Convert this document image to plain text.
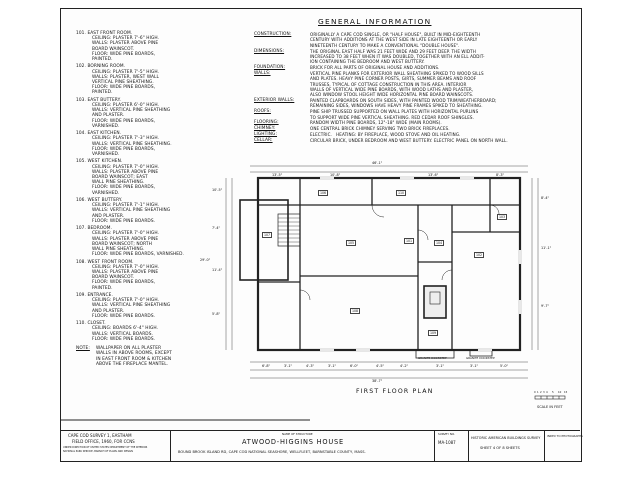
101. EAST FRONT ROOM.
CEILING: PLASTER 7'-6" HIGH.
WALLS: PLASTER ABOVE PINE
BOARD WAINSCOT.
FLOOR: WIDE PINE BOARDS,
PAINTED.
102. BORNING ROOM.
CEILING: PLASTER 7'-5" HIGH.
WALLS: PLASTER, WEST WALL
VERTICAL PINE SHEATHING.
FLOOR: WIDE PINE BOARDS,
PAINTED.
103. EAST BUTTERY.
CEILING: PLASTER 6'-0" HIGH.
WALLS: VERTICAL PINE SHEATHING
AND PLASTER.
FLOOR: WIDE PINE BOARDS,
VARNISHED.
104. EAST KITCHEN.
CEILING: PLASTER 7'-3" HIGH.
WALLS: VERTICAL PINE SHEATHING.
FLOOR: WIDE PINE BOARDS,
VARNISHED.
105. WEST KITCHEN.
CEILING: PLASTER 7'-0" HIGH.
WALLS: PLASTER ABOVE PINE
BOARD WAINSCOT; EAST
WALL PINE SHEATHING.
FLOOR: WIDE PINE BOARDS,
VARNISHED.
106. WEST BUTTERY.
CEILING: PLASTER 7'-1" HIGH.
WALLS: VERTICAL PINE SHEATHING
AND PLASTER.
FLOOR: WIDE PINE BOARDS.
107. BEDROOM.
CEILING: PLASTER 7'-0" HIGH.
WALLS: PLASTER ABOVE PINE
BOARD WAINSCOT; NORTH
WALL PINE SHEATHING.
FLOOR: WIDE PINE BOARDS, VARNISHED.
108. WEST FRONT ROOM.
CEILING: PLASTER 7'-0" HIGH.
WALLS: PLASTER ABOVE PINE
BOARD WAINSCOT.
FLOOR: WIDE PINE BOARDS,
PAINTED.
109. ENTRANCE.
CEILING: PLASTER 7'-0" HIGH.
WALLS: VERTICAL PINE SHEATHING
AND PLASTER.
FLOOR: WIDE PINE BOARDS.
110. CLOSET.
CEILING: BOARDS 6'-4" HIGH.
WALLS: VERTICAL BOARDS.
FLOOR: WIDE PINE BOARDS.
NOTE: WALLPAPER ON ALL PLASTER
WALLS IN ABOVE ROOMS, EXCEPT
IN EAST FRONT ROOM & KITCHEN
ABOVE THE FIREPLACE MANTEL.
GENERAL INFORMATION
CONSTRUCTION:	ORIGINALLY A CAPE COD SINGLE, OR "HALF HOUSE", BUILT IN MID-EIGHTEENTH
CENTURY WITH ADDITIONS AT THE WEST SIDE IN LATE EIGHTEENTH OR EARLY
NINETEENTH CENTURY TO MAKE A CONVENTIONAL "DOUBLE HOUSE".
DIMENSIONS:	THE ORIGINAL EAST HALF WAS 21 FEET WIDE AND 29 FEET DEEP. THE WIDTH
INCREASED TO 38 FEET WHEN IT WAS DOUBLED, TOGETHER WITH AN ELL ADDIT-
ION CONTAINING THE BEDROOM AND WEST BUTTERY.
FOUNDATION:	BRICK FOR ALL PARTS OF ORIGINAL HOUSE AND ADDITIONS.
WALLS:	VERTICAL PINE PLANKS FOR EXTERIOR WALL SHEATHING SPIKED TO WOOD SILLS
AND PLATES. HEAVY PINE CORNER POSTS, GIRTS, SUMMER BEAMS AND ROOF
TRUSSES, TYPICAL OF COTTAGE CONSTRUCTION IN THIS AREA. INTERIOR
WALLS OF VERTICAL WIDE PINE BOARDS, WITH WOOD LATHS AND PLASTER,
ALSO WINDOW STOOL HEIGHT WIDE HORIZONTAL PINE BOARD WAINSCOTS.
EXTERIOR WALLS:	PAINTED CLAPBOARDS ON SOUTH SIDES, WITH PAINTED WOOD TRIM/WEATHERBOARD;
REMAINING SIDES, WINDOWS HAVE HEAVY PINE FRAMES SPIKED TO SHEATHING.
ROOFS:	PINE SHIP TRUSSED SUPPORTED ON WALL PLATES WITH HORIZONTAL PURLINS
TO SUPPORT WIDE PINE VERTICAL SHEATHING. RED CEDAR ROOF SHINGLES.
FLOORING:	RANDOM WIDTH PINE BOARDS, 12"-18" WIDE (MAIN ROOMS).
CHIMNEY:	ONE CENTRAL BRICK CHIMNEY SERVING TWO BRICK FIREPLACES.
LIGHTING:	ELECTRIC.   HEATING: BY FIREPLACE, WOOD STOVE AND OIL HEATING.
CELLAR:	CIRCULAR BRICK, UNDER BEDROOM AND WEST BUTTERY. ELECTRIC PANEL ON NORTH WALL.
101
102
103
104
105
106
107
108
109
110
46'-1"
13'-5"	10'-8"	13'-6"	8'-3"
38'-7"
6'-8"	3'-1"	4'-3"	3'-1"	6'-0"	4'-5"	4'-2"	3'-1"	3'-1"	5'-0"
10'-5"
7'-4"
11'-4"
5'-8"
29'-0"
8'-4"
11'-1"
9'-7"
GRANITE DOORSTEP	GRANITE DOORSTEP
FIRST FLOOR PLAN
SCALE IN FEET
0 1 2 3 4 5 10 15
CAPE COD SURVEY 1, EASTHAM
FIELD OFFICE, 1960, FOR CCNS
UNDER DIRECTION OF UNITED STATES DEPARTMENT OF THE INTERIOR
NATIONAL PARK SERVICE, BRANCH OF PLANS AND DESIGN
NAME OF STRUCTURE
ATWOOD-HIGGINS HOUSE
BOUND BROOK ISLAND RD, CAPE COD NATIONAL SEASHORE, WELLFLEET, BARNSTABLE COUNTY, MASS.
SURVEY NO.
MA-1087
HISTORIC AMERICAN BUILDINGS SURVEY
SHEET 4 OF 8 SHEETS
INDEX TO PHOTOGRAPHS
